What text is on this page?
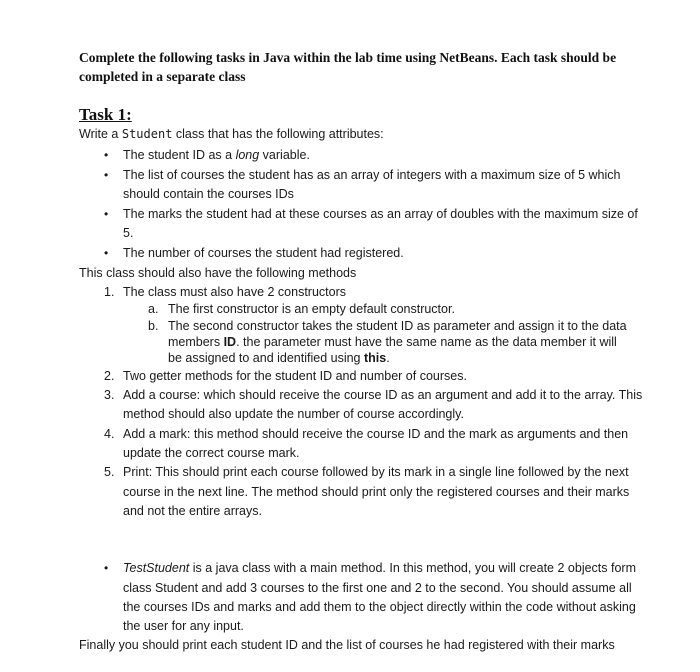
Complete the following tasks in Java within the lab time using NetBeans. Each task should be
completed in a separate class
Task 1:
Write a Student class that has the following attributes:
• The student ID as a long variable.
• The list of courses the student has as an array of integers with a maximum size of 5 which
should contain the courses IDs
• The marks the student had at these courses as an array of doubles with the maximum size of
5.
• The number of courses the student had registered.
This class should also have the following methods
1. The class must also have 2 constructors
a. The first constructor is an empty default constructor.
b. The second constructor takes the student ID as parameter and assign it to the data
members ID. the parameter must have the same name as the data member it will
be assigned to and identified using this.
2. Two getter methods for the student ID and number of courses.
3. Add a course: which should receive the course ID as an argument and add it to the array. This
method should also update the number of course accordingly.
4. Add a mark: this method should receive the course ID and the mark as arguments and then
update the correct course mark.
5. Print: This should print each course followed by its mark in a single line followed by the next
course in the next line. The method should print only the registered courses and their marks
and not the entire arrays.
• TestStudent is a java class with a main method. In this method, you will create 2 objects form
class Student and add 3 courses to the first one and 2 to the second. You should assume all
the courses IDs and marks and add them to the object directly within the code without asking
the user for any input.
Finally you should print each student ID and the list of courses he had registered with their marks
